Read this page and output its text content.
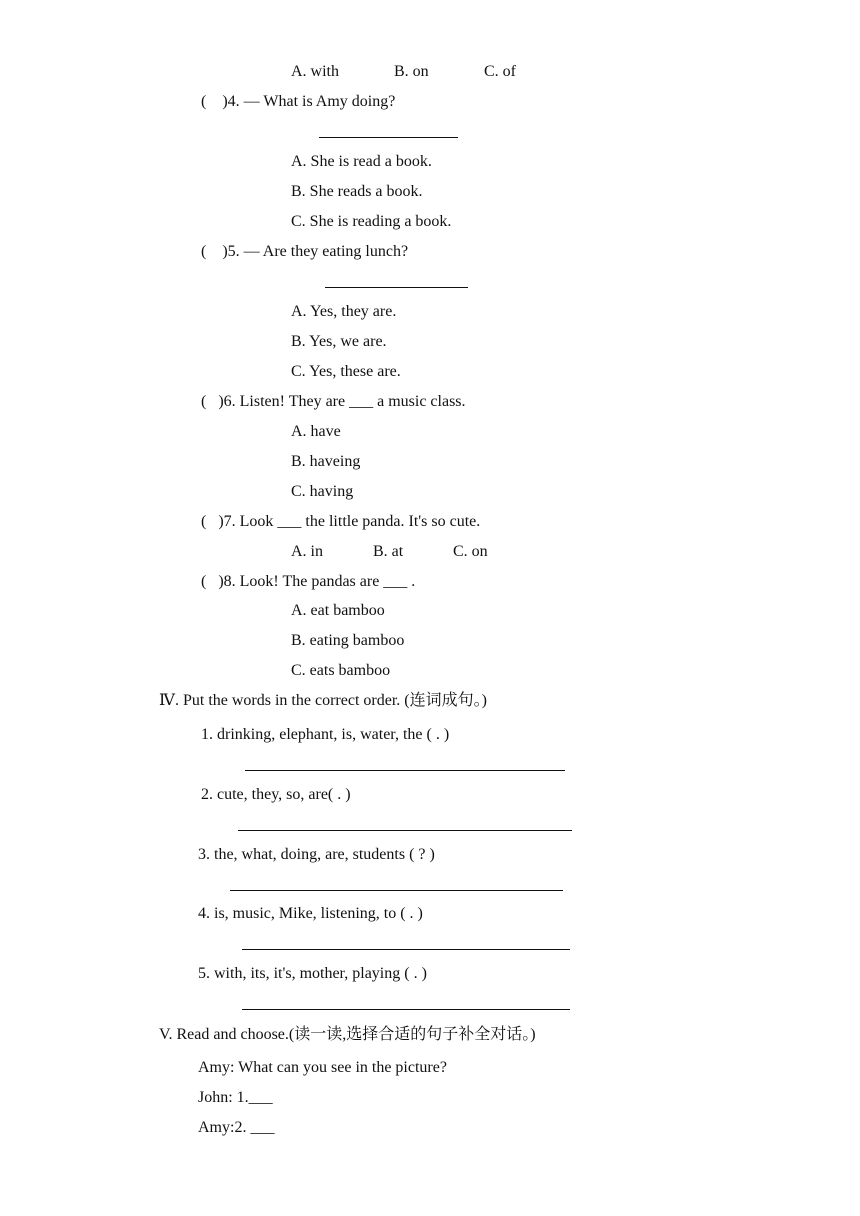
A. with	B. on	C. of
(    )4. — What is Amy doing?
A. She is read a book.
B. She reads a book.
C. She is reading a book.
(    )5. — Are they eating lunch?
A. Yes, they are.
B. Yes, we are.
C. Yes, these are.
(   )6. Listen! They are ___ a music class.
A. have
B. haveing
C. having
(   )7. Look ___ the little panda. It's so cute.
A. in	B. at	C. on
(   )8. Look! The pandas are ___ .
A. eat bamboo
B. eating bamboo
C. eats bamboo
Ⅳ. Put the words in the correct order. (连词成句。)
1. drinking, elephant, is, water, the ( . )
2. cute, they, so, are( . )
3. the, what, doing, are, students ( ? )
4. is, music, Mike, listening, to ( . )
5. with, its, it's, mother, playing ( . )
V. Read and choose.(读一读,选择合适的句子补全对话。)
Amy: What can you see in the picture?
John: 1.___
Amy:2. ___
